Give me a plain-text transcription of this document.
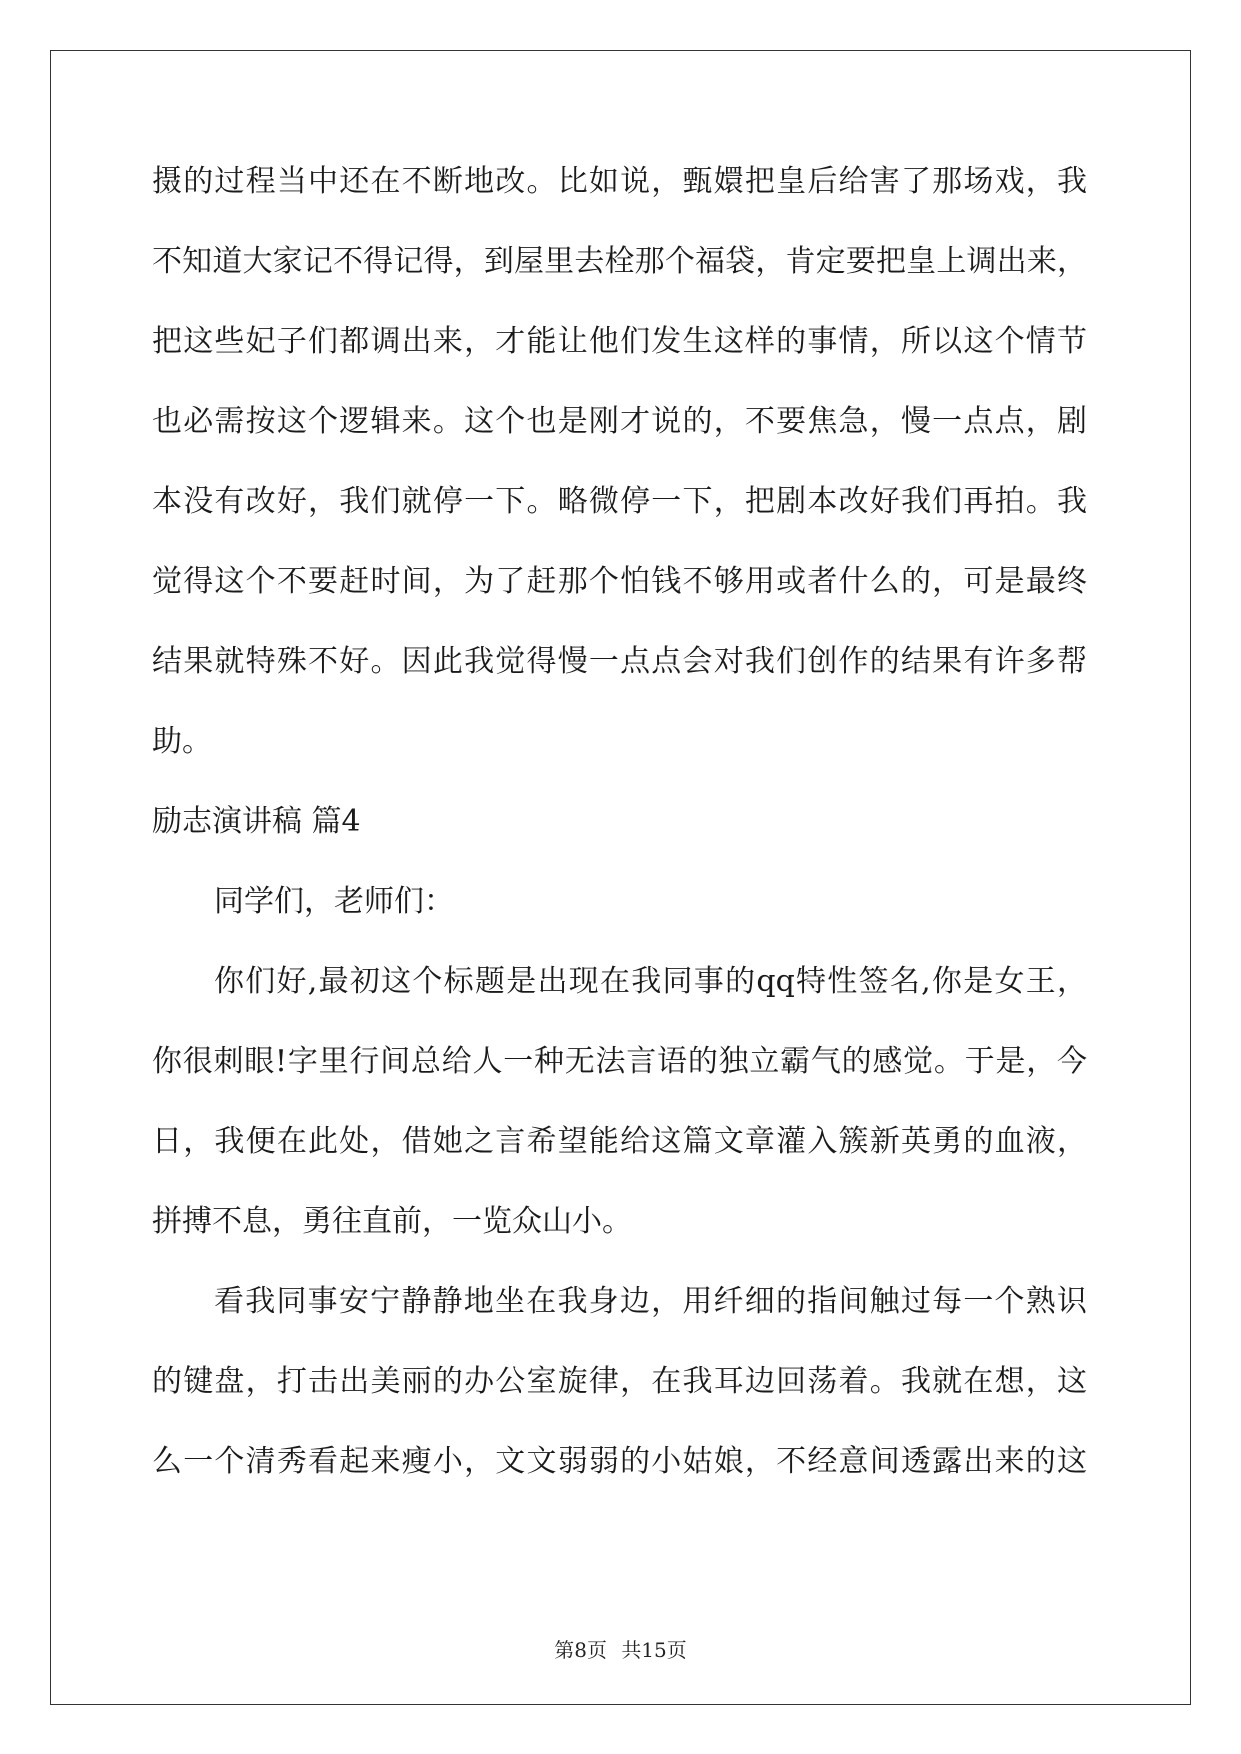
摄的过程当中还在不断地改。比如说，甄嬛把皇后给害了那场戏，我
不知道大家记不得记得，到屋里去栓那个福袋，肯定要把皇上调出来，
把这些妃子们都调出来，才能让他们发生这样的事情，所以这个情节
也必需按这个逻辑来。这个也是刚才说的，不要焦急，慢一点点，剧
本没有改好，我们就停一下。略微停一下，把剧本改好我们再拍。我
觉得这个不要赶时间，为了赶那个怕钱不够用或者什么的，可是最终
结果就特殊不好。因此我觉得慢一点点会对我们创作的结果有许多帮
助。
励志演讲稿 篇4
同学们，老师们：
你们好,最初这个标题是出现在我同事的qq特性签名,你是女王，
你很刺眼!字里行间总给人一种无法言语的独立霸气的感觉。于是，今
日，我便在此处，借她之言希望能给这篇文章灌入簇新英勇的血液，
拼搏不息，勇往直前，一览众山小。
看我同事安宁静静地坐在我身边，用纤细的指间触过每一个熟识
的键盘，打击出美丽的办公室旋律，在我耳边回荡着。我就在想，这
么一个清秀看起来瘦小，文文弱弱的小姑娘，不经意间透露出来的这
第8页 共15页
